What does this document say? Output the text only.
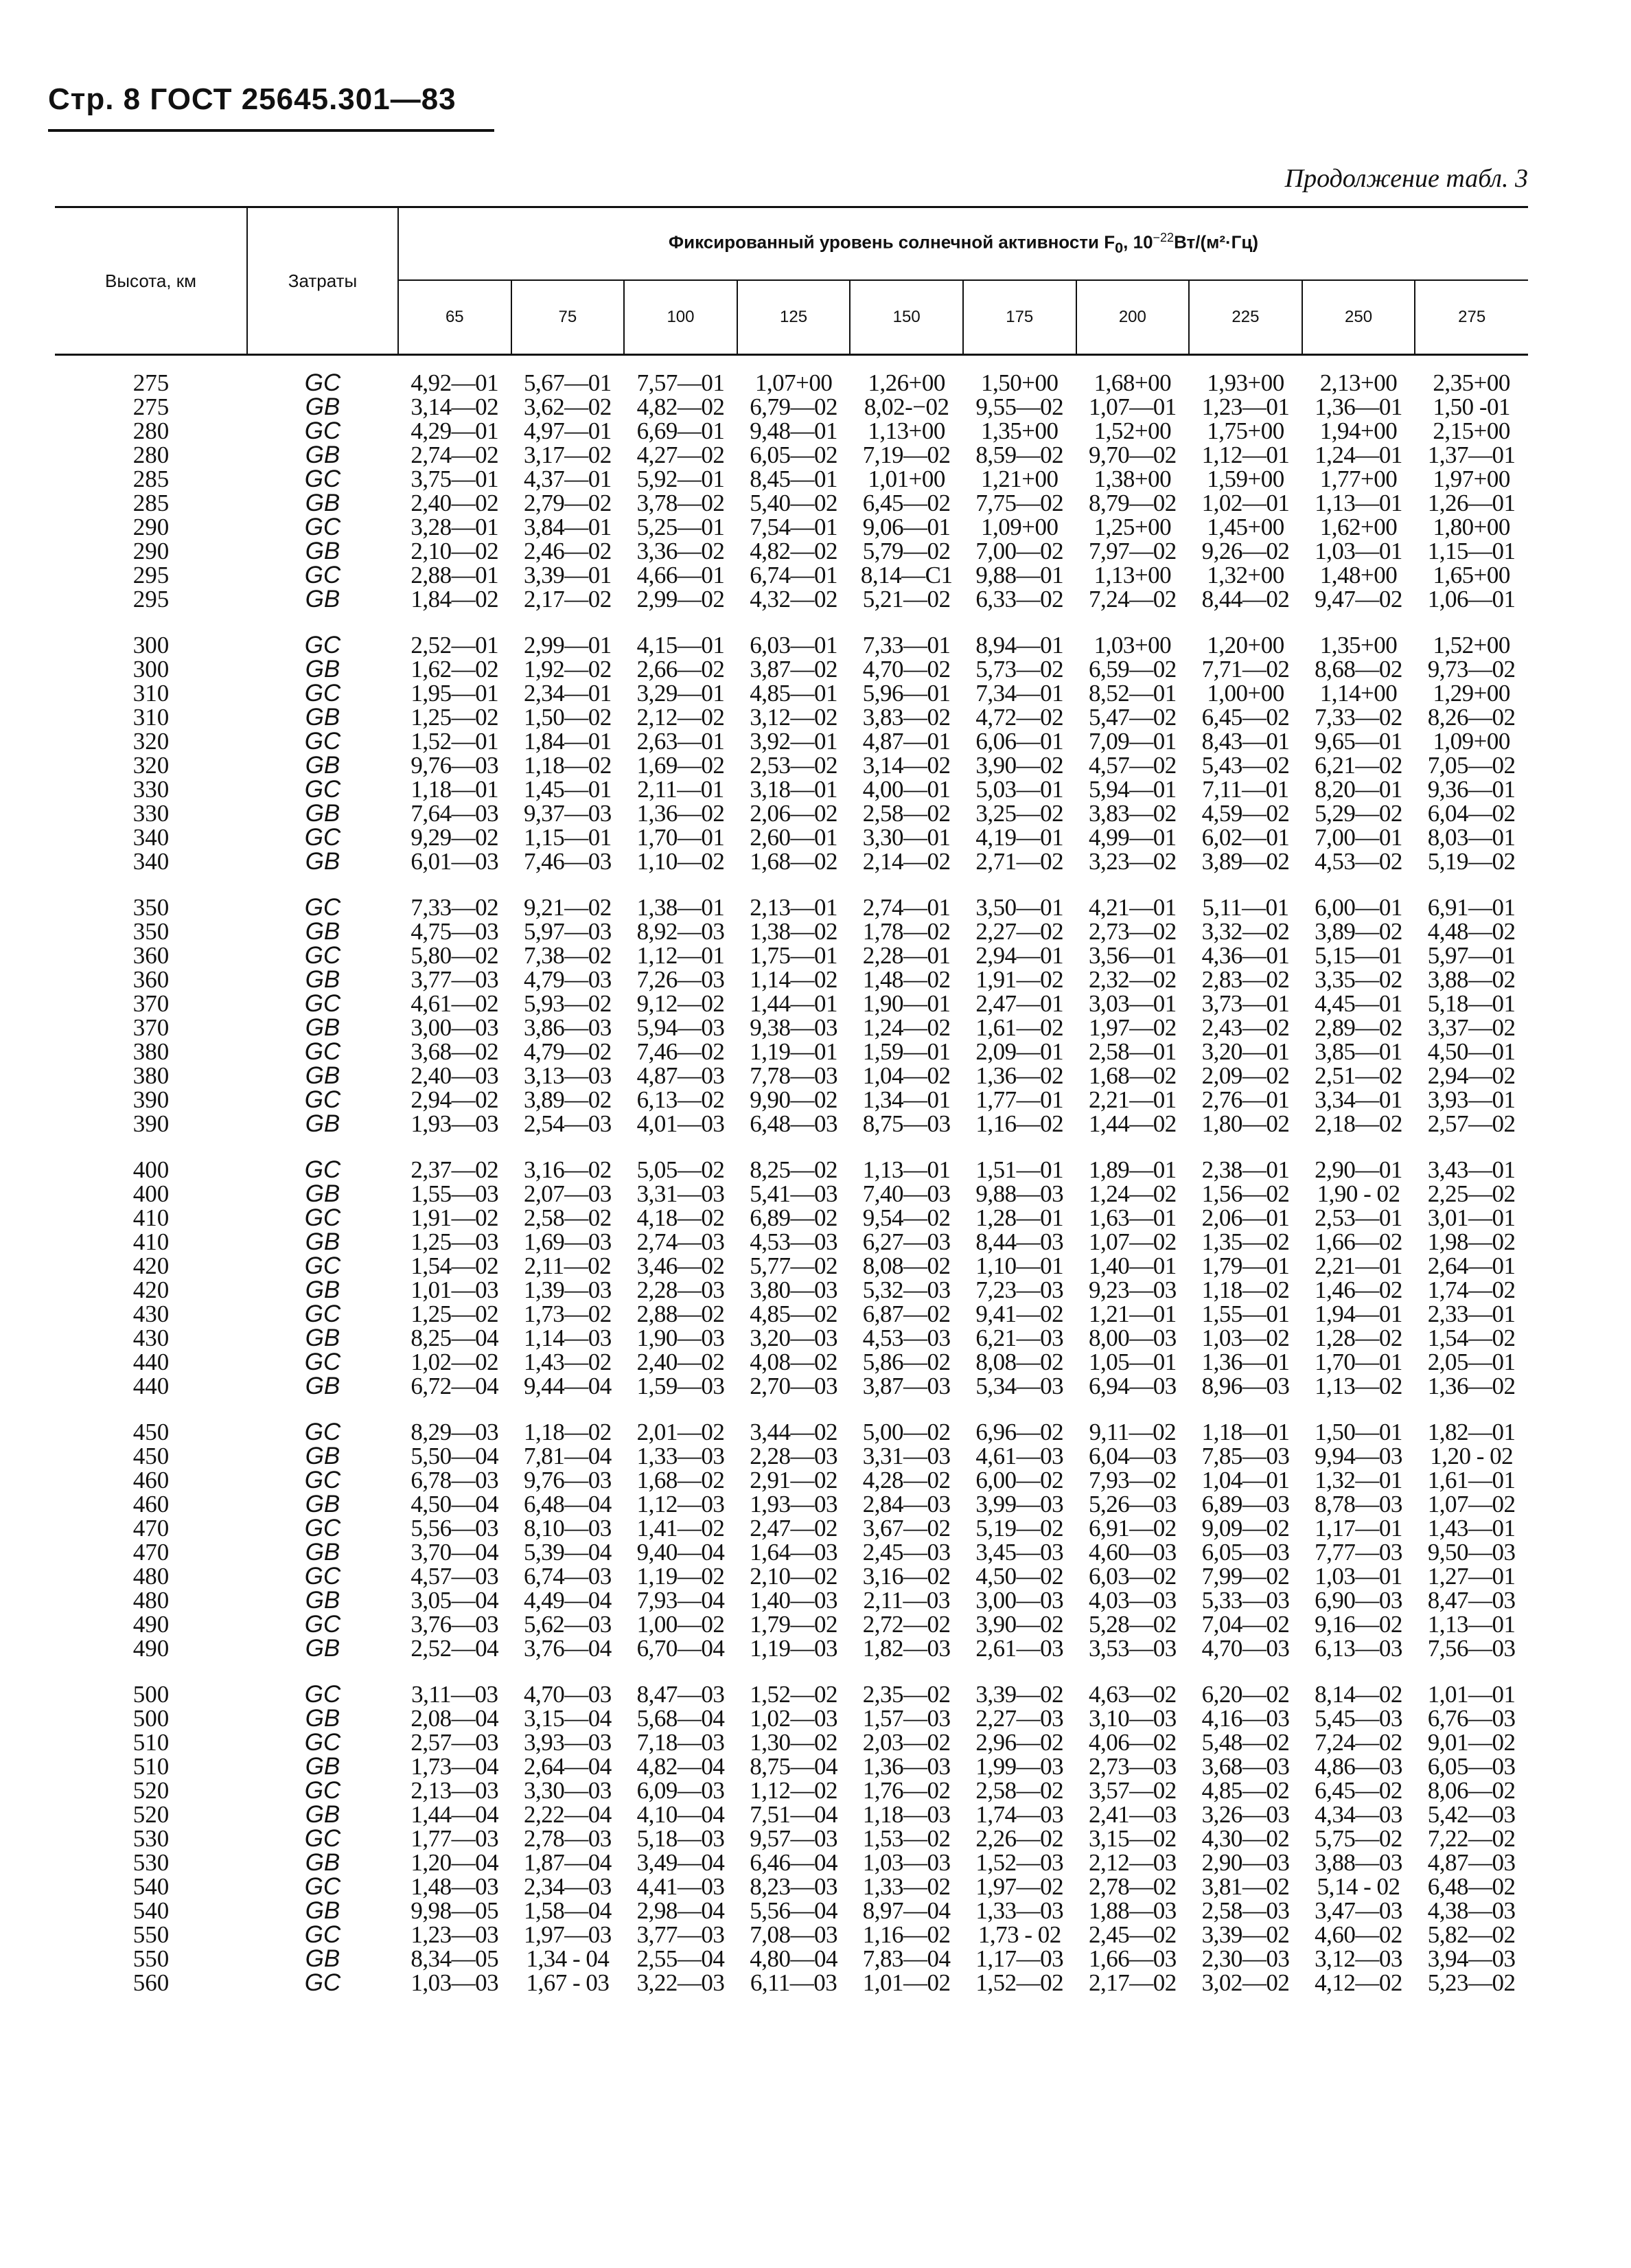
Стр. 8 ГОСТ 25645.301—83
Продолжение табл. 3
Высота, км	Затраты	Фиксированный уровень солнечной активности $F_0$, $10^{-22}Вт/(м^2\cdot Гц)$									
		65	75	100	125	150	175	200	225	250	275

275	GC	4,92—01	5,67—01	7,57—01	1,07+00	1,26+00	1,50+00	1,68+00	1,93+00	2,13+00	2,35+00
275	GB	3,14—02	3,62—02	4,82—02	6,79—02	8,02-−02	9,55—02	1,07—01	1,23—01	1,36—01	1,50 -01
280	GC	4,29—01	4,97—01	6,69—01	9,48—01	1,13+00	1,35+00	1,52+00	1,75+00	1,94+00	2,15+00
280	GB	2,74—02	3,17—02	4,27—02	6,05—02	7,19—02	8,59—02	9,70—02	1,12—01	1,24—01	1,37—01
285	GC	3,75—01	4,37—01	5,92—01	8,45—01	1,01+00	1,21+00	1,38+00	1,59+00	1,77+00	1,97+00
285	GB	2,40—02	2,79—02	3,78—02	5,40—02	6,45—02	7,75—02	8,79—02	1,02—01	1,13—01	1,26—01
290	GC	3,28—01	3,84—01	5,25—01	7,54—01	9,06—01	1,09+00	1,25+00	1,45+00	1,62+00	1,80+00
290	GB	2,10—02	2,46—02	3,36—02	4,82—02	5,79—02	7,00—02	7,97—02	9,26—02	1,03—01	1,15—01
295	GC	2,88—01	3,39—01	4,66—01	6,74—01	8,14—C1	9,88—01	1,13+00	1,32+00	1,48+00	1,65+00
295	GB	1,84—02	2,17—02	2,99—02	4,32—02	5,21—02	6,33—02	7,24—02	8,44—02	9,47—02	1,06—01

300	GC	2,52—01	2,99—01	4,15—01	6,03—01	7,33—01	8,94—01	1,03+00	1,20+00	1,35+00	1,52+00
300	GB	1,62—02	1,92—02	2,66—02	3,87—02	4,70—02	5,73—02	6,59—02	7,71—02	8,68—02	9,73—02
310	GC	1,95—01	2,34—01	3,29—01	4,85—01	5,96—01	7,34—01	8,52—01	1,00+00	1,14+00	1,29+00
310	GB	1,25—02	1,50—02	2,12—02	3,12—02	3,83—02	4,72—02	5,47—02	6,45—02	7,33—02	8,26—02
320	GC	1,52—01	1,84—01	2,63—01	3,92—01	4,87—01	6,06—01	7,09—01	8,43—01	9,65—01	1,09+00
320	GB	9,76—03	1,18—02	1,69—02	2,53—02	3,14—02	3,90—02	4,57—02	5,43—02	6,21—02	7,05—02
330	GC	1,18—01	1,45—01	2,11—01	3,18—01	4,00—01	5,03—01	5,94—01	7,11—01	8,20—01	9,36—01
330	GB	7,64—03	9,37—03	1,36—02	2,06—02	2,58—02	3,25—02	3,83—02	4,59—02	5,29—02	6,04—02
340	GC	9,29—02	1,15—01	1,70—01	2,60—01	3,30—01	4,19—01	4,99—01	6,02—01	7,00—01	8,03—01
340	GB	6,01—03	7,46—03	1,10—02	1,68—02	2,14—02	2,71—02	3,23—02	3,89—02	4,53—02	5,19—02

350	GC	7,33—02	9,21—02	1,38—01	2,13—01	2,74—01	3,50—01	4,21—01	5,11—01	6,00—01	6,91—01
350	GB	4,75—03	5,97—03	8,92—03	1,38—02	1,78—02	2,27—02	2,73—02	3,32—02	3,89—02	4,48—02
360	GC	5,80—02	7,38—02	1,12—01	1,75—01	2,28—01	2,94—01	3,56—01	4,36—01	5,15—01	5,97—01
360	GB	3,77—03	4,79—03	7,26—03	1,14—02	1,48—02	1,91—02	2,32—02	2,83—02	3,35—02	3,88—02
370	GC	4,61—02	5,93—02	9,12—02	1,44—01	1,90—01	2,47—01	3,03—01	3,73—01	4,45—01	5,18—01
370	GB	3,00—03	3,86—03	5,94—03	9,38—03	1,24—02	1,61—02	1,97—02	2,43—02	2,89—02	3,37—02
380	GC	3,68—02	4,79—02	7,46—02	1,19—01	1,59—01	2,09—01	2,58—01	3,20—01	3,85—01	4,50—01
380	GB	2,40—03	3,13—03	4,87—03	7,78—03	1,04—02	1,36—02	1,68—02	2,09—02	2,51—02	2,94—02
390	GC	2,94—02	3,89—02	6,13—02	9,90—02	1,34—01	1,77—01	2,21—01	2,76—01	3,34—01	3,93—01
390	GB	1,93—03	2,54—03	4,01—03	6,48—03	8,75—03	1,16—02	1,44—02	1,80—02	2,18—02	2,57—02

400	GC	2,37—02	3,16—02	5,05—02	8,25—02	1,13—01	1,51—01	1,89—01	2,38—01	2,90—01	3,43—01
400	GB	1,55—03	2,07—03	3,31—03	5,41—03	7,40—03	9,88—03	1,24—02	1,56—02	1,90 - 02	2,25—02
410	GC	1,91—02	2,58—02	4,18—02	6,89—02	9,54—02	1,28—01	1,63—01	2,06—01	2,53—01	3,01—01
410	GB	1,25—03	1,69—03	2,74—03	4,53—03	6,27—03	8,44—03	1,07—02	1,35—02	1,66—02	1,98—02
420	GC	1,54—02	2,11—02	3,46—02	5,77—02	8,08—02	1,10—01	1,40—01	1,79—01	2,21—01	2,64—01
420	GB	1,01—03	1,39—03	2,28—03	3,80—03	5,32—03	7,23—03	9,23—03	1,18—02	1,46—02	1,74—02
430	GC	1,25—02	1,73—02	2,88—02	4,85—02	6,87—02	9,41—02	1,21—01	1,55—01	1,94—01	2,33—01
430	GB	8,25—04	1,14—03	1,90—03	3,20—03	4,53—03	6,21—03	8,00—03	1,03—02	1,28—02	1,54—02
440	GC	1,02—02	1,43—02	2,40—02	4,08—02	5,86—02	8,08—02	1,05—01	1,36—01	1,70—01	2,05—01
440	GB	6,72—04	9,44—04	1,59—03	2,70—03	3,87—03	5,34—03	6,94—03	8,96—03	1,13—02	1,36—02

450	GC	8,29—03	1,18—02	2,01—02	3,44—02	5,00—02	6,96—02	9,11—02	1,18—01	1,50—01	1,82—01
450	GB	5,50—04	7,81—04	1,33—03	2,28—03	3,31—03	4,61—03	6,04—03	7,85—03	9,94—03	1,20 - 02
460	GC	6,78—03	9,76—03	1,68—02	2,91—02	4,28—02	6,00—02	7,93—02	1,04—01	1,32—01	1,61—01
460	GB	4,50—04	6,48—04	1,12—03	1,93—03	2,84—03	3,99—03	5,26—03	6,89—03	8,78—03	1,07—02
470	GC	5,56—03	8,10—03	1,41—02	2,47—02	3,67—02	5,19—02	6,91—02	9,09—02	1,17—01	1,43—01
470	GB	3,70—04	5,39—04	9,40—04	1,64—03	2,45—03	3,45—03	4,60—03	6,05—03	7,77—03	9,50—03
480	GC	4,57—03	6,74—03	1,19—02	2,10—02	3,16—02	4,50—02	6,03—02	7,99—02	1,03—01	1,27—01
480	GB	3,05—04	4,49—04	7,93—04	1,40—03	2,11—03	3,00—03	4,03—03	5,33—03	6,90—03	8,47—03
490	GC	3,76—03	5,62—03	1,00—02	1,79—02	2,72—02	3,90—02	5,28—02	7,04—02	9,16—02	1,13—01
490	GB	2,52—04	3,76—04	6,70—04	1,19—03	1,82—03	2,61—03	3,53—03	4,70—03	6,13—03	7,56—03

500	GC	3,11—03	4,70—03	8,47—03	1,52—02	2,35—02	3,39—02	4,63—02	6,20—02	8,14—02	1,01—01
500	GB	2,08—04	3,15—04	5,68—04	1,02—03	1,57—03	2,27—03	3,10—03	4,16—03	5,45—03	6,76—03
510	GC	2,57—03	3,93—03	7,18—03	1,30—02	2,03—02	2,96—02	4,06—02	5,48—02	7,24—02	9,01—02
510	GB	1,73—04	2,64—04	4,82—04	8,75—04	1,36—03	1,99—03	2,73—03	3,68—03	4,86—03	6,05—03
520	GC	2,13—03	3,30—03	6,09—03	1,12—02	1,76—02	2,58—02	3,57—02	4,85—02	6,45—02	8,06—02
520	GB	1,44—04	2,22—04	4,10—04	7,51—04	1,18—03	1,74—03	2,41—03	3,26—03	4,34—03	5,42—03
530	GC	1,77—03	2,78—03	5,18—03	9,57—03	1,53—02	2,26—02	3,15—02	4,30—02	5,75—02	7,22—02
530	GB	1,20—04	1,87—04	3,49—04	6,46—04	1,03—03	1,52—03	2,12—03	2,90—03	3,88—03	4,87—03
540	GC	1,48—03	2,34—03	4,41—03	8,23—03	1,33—02	1,97—02	2,78—02	3,81—02	5,14 - 02	6,48—02
540	GB	9,98—05	1,58—04	2,98—04	5,56—04	8,97—04	1,33—03	1,88—03	2,58—03	3,47—03	4,38—03
550	GC	1,23—03	1,97—03	3,77—03	7,08—03	1,16—02	1,73 - 02	2,45—02	3,39—02	4,60—02	5,82—02
550	GB	8,34—05	1,34 - 04	2,55—04	4,80—04	7,83—04	1,17—03	1,66—03	2,30—03	3,12—03	3,94—03
560	GC	1,03—03	1,67 - 03	3,22—03	6,11—03	1,01—02	1,52—02	2,17—02	3,02—02	4,12—02	5,23—02
